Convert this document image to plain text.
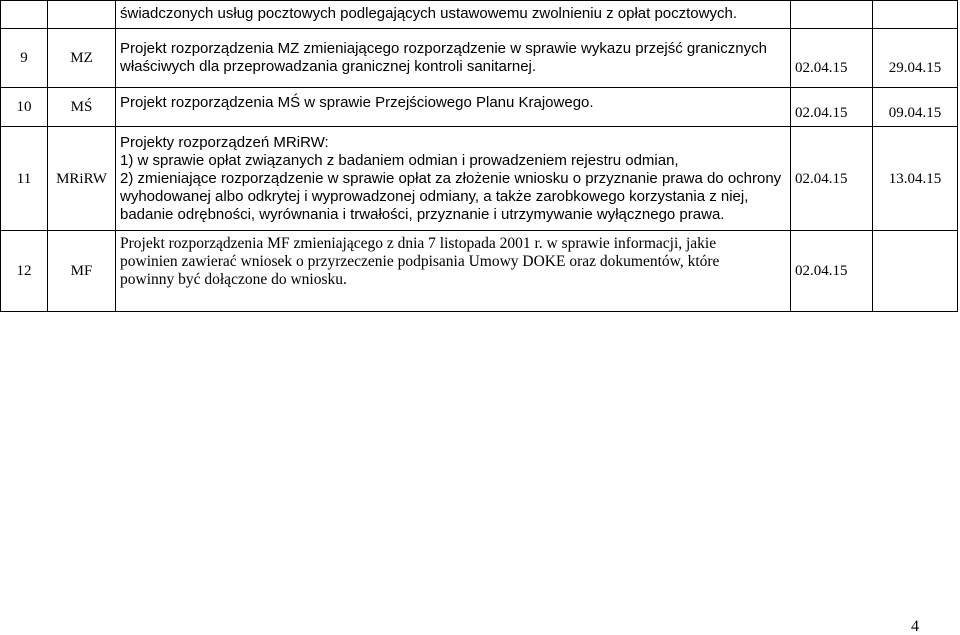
		świadczonych usług pocztowych podlegających ustawowemu zwolnieniu z opłat pocztowych.		

9	MZ	Projekt rozporządzenia MZ zmieniającego rozporządzenie w sprawie wykazu przejść granicznych
właściwych dla przeprowadzania granicznej kontroli sanitarnej.	02.04.15	29.04.15
10	MŚ	Projekt rozporządzenia MŚ w sprawie Przejściowego Planu Krajowego.	02.04.15	09.04.15
11	MRiRW	Projekty rozporządzeń MRiRW:
1) w sprawie opłat związanych z badaniem odmian i prowadzeniem rejestru odmian,
2) zmieniające rozporządzenie w sprawie opłat za złożenie wniosku o przyznanie prawa do ochrony
wyhodowanej albo odkrytej i wyprowadzonej odmiany, a także zarobkowego korzystania z niej,
badanie odrębności, wyrównania i trwałości, przyznanie i utrzymywanie wyłącznego prawa.	02.04.15	13.04.15
12	MF	Projekt rozporządzenia MF zmieniającego z dnia 7 listopada 2001 r. w sprawie informacji, jakie
powinien zawierać wniosek o przyrzeczenie podpisania Umowy DOKE oraz dokumentów, które
powinny być dołączone do wniosku.	02.04.15	
4
